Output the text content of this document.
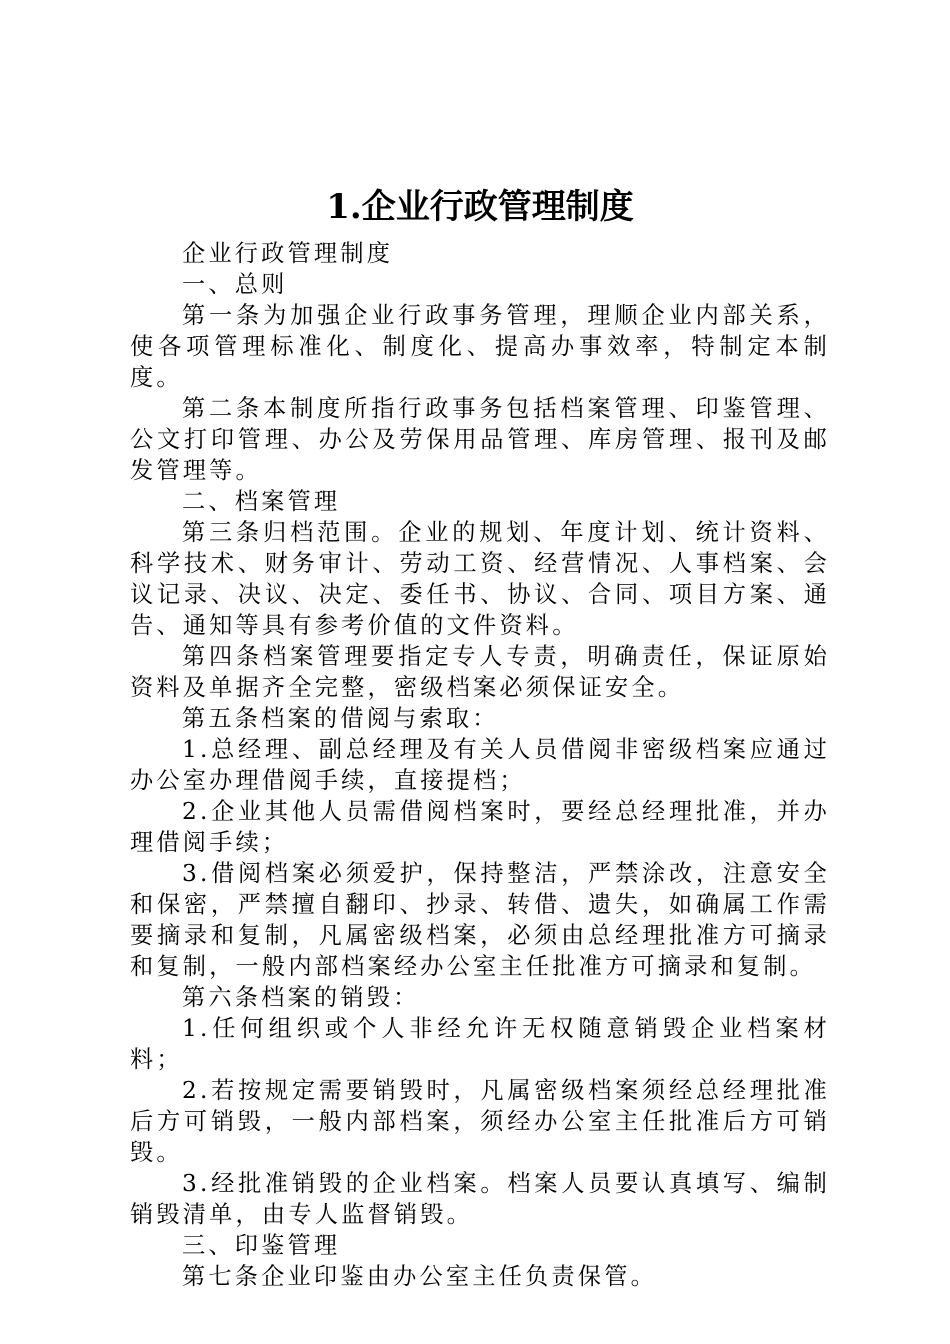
1.企业行政管理制度

企业行政管理制度

一、总则

第一条为加强企业行政事务管理，理顺企业内部关系，使各项管理标准化、制度化、提高办事效率，特制定本制度。

第二条本制度所指行政事务包括档案管理、印鉴管理、公文打印管理、办公及劳保用品管理、库房管理、报刊及邮发管理等。

二、档案管理

第三条归档范围。企业的规划、年度计划、统计资料、科学技术、财务审计、劳动工资、经营情况、人事档案、会议记录、决议、决定、委任书、协议、合同、项目方案、通告、通知等具有参考价值的文件资料。

第四条档案管理要指定专人专责，明确责任，保证原始资料及单据齐全完整，密级档案必须保证安全。

第五条档案的借阅与索取：

1.总经理、副总经理及有关人员借阅非密级档案应通过办公室办理借阅手续，直接提档；

2.企业其他人员需借阅档案时，要经总经理批准，并办理借阅手续；

3.借阅档案必须爱护，保持整洁，严禁涂改，注意安全和保密，严禁擅自翻印、抄录、转借、遗失，如确属工作需要摘录和复制，凡属密级档案，必须由总经理批准方可摘录和复制，一般内部档案经办公室主任批准方可摘录和复制。

第六条档案的销毁：

1.任何组织或个人非经允许无权随意销毁企业档案材料；

2.若按规定需要销毁时，凡属密级档案须经总经理批准后方可销毁，一般内部档案，须经办公室主任批准后方可销毁。

3.经批准销毁的企业档案。档案人员要认真填写、编制销毁清单，由专人监督销毁。

三、印鉴管理

第七条企业印鉴由办公室主任负责保管。
